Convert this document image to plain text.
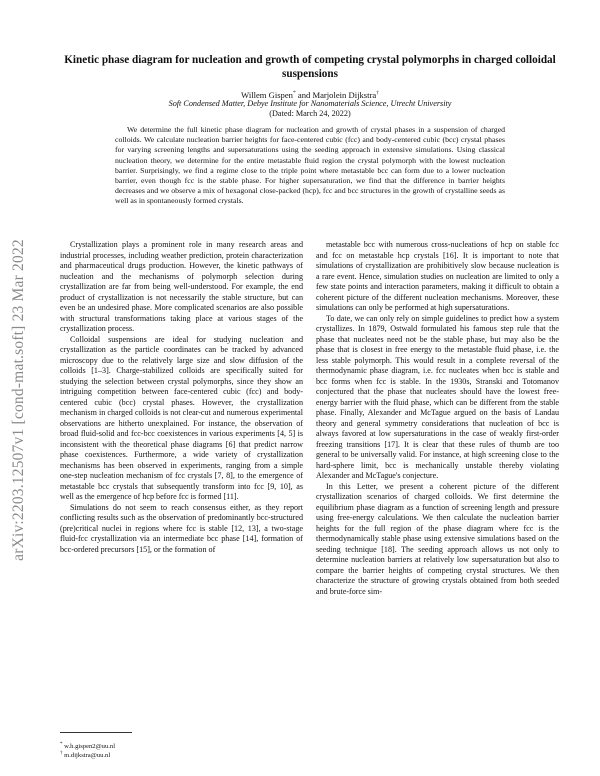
arXiv:2203.12507v1 [cond-mat.soft] 23 Mar 2022
Kinetic phase diagram for nucleation and growth of competing crystal polymorphs in charged colloidal suspensions
Willem Gispen* and Marjolein Dijkstra†
Soft Condensed Matter, Debye Institute for Nanomaterials Science, Utrecht University
(Dated: March 24, 2022)

We determine the full kinetic phase diagram for nucleation and growth of crystal phases in a suspension of charged colloids. We calculate nucleation barrier heights for face-centered cubic (fcc) and body-centered cubic (bcc) crystal phases for varying screening lengths and supersaturations using the seeding approach in extensive simulations. Using classical nucleation theory, we determine for the entire metastable fluid region the crystal polymorph with the lowest nucleation barrier. Surprisingly, we find a regime close to the triple point where metastable bcc can form due to a lower nucleation barrier, even though fcc is the stable phase. For higher supersaturation, we find that the difference in barrier heights decreases and we observe a mix of hexagonal close-packed (hcp), fcc and bcc structures in the growth of crystalline seeds as well as in spontaneously formed crystals.

Crystallization plays a prominent role in many research areas and industrial processes, including weather prediction, protein characterization and pharmaceutical drugs production. However, the kinetic pathways of nucleation and the mechanisms of polymorph selection during crystallization are far from being well-understood. For example, the end product of crystallization is not necessarily the stable structure, but can even be an undesired phase. More complicated scenarios are also possible with structural transformations taking place at various stages of the crystallization process.

Colloidal suspensions are ideal for studying nucleation and crystallization as the particle coordinates can be tracked by advanced microscopy due to the relatively large size and slow diffusion of the colloids [1–3]. Charge-stabilized colloids are specifically suited for studying the selection between crystal polymorphs, since they show an intriguing competition between face-centered cubic (fcc) and body-centered cubic (bcc) crystal phases. However, the crystallization mechanism in charged colloids is not clear-cut and numerous experimental observations are hitherto unexplained. For instance, the observation of broad fluid-solid and fcc-bcc coexistences in various experiments [4, 5] is inconsistent with the theoretical phase diagrams [6] that predict narrow phase coexistences. Furthermore, a wide variety of crystallization mechanisms has been observed in experiments, ranging from a simple one-step nucleation mechanism of fcc crystals [7, 8], to the emergence of metastable bcc crystals that subsequently transform into fcc [9, 10], as well as the emergence of hcp before fcc is formed [11].

Simulations do not seem to reach consensus either, as they report conflicting results such as the observation of predominantly bcc-structured (pre)critical nuclei in regions where fcc is stable [12, 13], a two-stage fluid-fcc crystallization via an intermediate bcc phase [14], formation of bcc-ordered precursors [15], or the formation of

metastable bcc with numerous cross-nucleations of hcp on stable fcc and fcc on metastable hcp crystals [16]. It is important to note that simulations of crystallization are prohibitively slow because nucleation is a rare event. Hence, simulation studies on nucleation are limited to only a few state points and interaction parameters, making it difficult to obtain a coherent picture of the different nucleation mechanisms. Moreover, these simulations can only be performed at high supersaturations.

To date, we can only rely on simple guidelines to predict how a system crystallizes. In 1879, Ostwald formulated his famous step rule that the phase that nucleates need not be the stable phase, but may also be the phase that is closest in free energy to the metastable fluid phase, i.e. the less stable polymorph. This would result in a complete reversal of the thermodynamic phase diagram, i.e. fcc nucleates when bcc is stable and bcc forms when fcc is stable. In the 1930s, Stranski and Totomanov conjectured that the phase that nucleates should have the lowest free-energy barrier with the fluid phase, which can be different from the stable phase. Finally, Alexander and McTague argued on the basis of Landau theory and general symmetry considerations that nucleation of bcc is always favored at low supersaturations in the case of weakly first-order freezing transitions [17]. It is clear that these rules of thumb are too general to be universally valid. For instance, at high screening close to the hard-sphere limit, bcc is mechanically unstable thereby violating Alexander and McTague's conjecture.

In this Letter, we present a coherent picture of the different crystallization scenarios of charged colloids. We first determine the equilibrium phase diagram as a function of screening length and pressure using free-energy calculations. We then calculate the nucleation barrier heights for the full region of the phase diagram where fcc is the thermodynamically stable phase using extensive simulations based on the seeding technique [18]. The seeding approach allows us not only to determine nucleation barriers at relatively low supersaturation but also to compare the barrier heights of competing crystal structures. We then characterize the structure of growing crystals obtained from both seeded and brute-force sim-

* w.h.gispen2@uu.nl
† m.dijkstra@uu.nl
